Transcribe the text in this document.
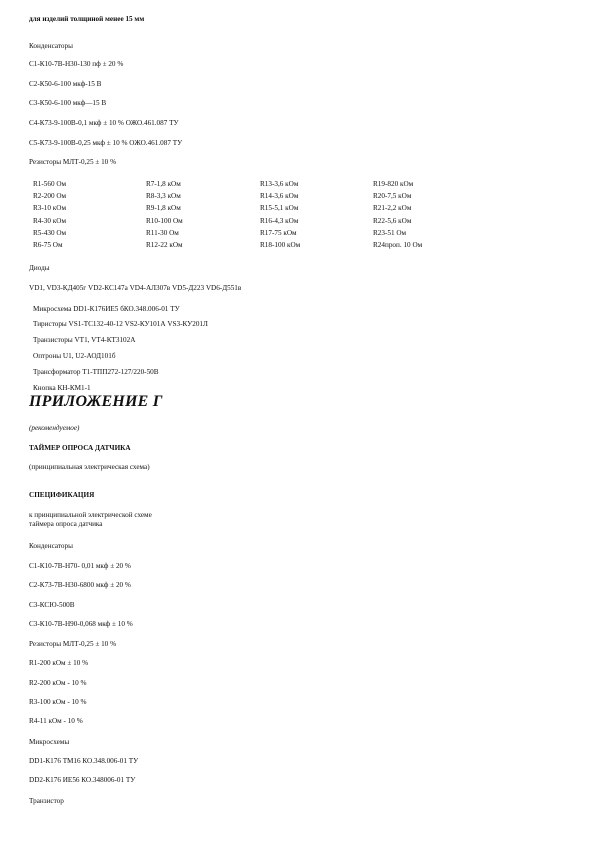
для изделий толщиной менее 15 мм
Конденсаторы
C1-К10-7В-Н30-130 пф ± 20 %
C2-К50-6-100 мкф-15 В
C3-К50-6-100 мкф—15 В
C4-К73-9-100В-0,1 мкф ± 10 % ОЖО.461.087 ТУ
C5-К73-9-100В-0,25 мкф ± 10 % ОЖО.461.087 ТУ
Резисторы МЛТ-0,25 ± 10 %
R1-560 Ом
R2-200 Ом
R3-10 кОм
R4-30 кОм
R5-430 Ом
R6-75 Ом
R7-1,8 кОм
R8-3,3 кОм
R9-1,8 кОм
R10-100 Ом
R11-30 Ом
R12-22 кОм
R13-3,6 кОм
R14-3,6 кОм
R15-5,1 кОм
R16-4,3 кОм
R17-75 кОм
R18-100 кОм
R19-820 кОм
R20-7,5 кОм
R21-2,2 кОм
R22-5,6 кОм
R23-51 Ом
R24проп. 10 Ом
Диоды
VD1, VD3-КД405г VD2-КС147а VD4-АЛ307в VD5-Д223 VD6-Д551в
Микросхема DD1-К176ИЕ5 бКО.348.006-01 ТУ
Тиристоры VS1-ТС132-40-12 VS2-КУ101А VS3-КУ201Л
Транзисторы VT1, VT4-КТ3102А
Оптроны U1, U2-АОД101б
Трансформатор Т1-ТПП272-127/220-50В
Кнопка КН-КМ1-1
ПРИЛОЖЕНИЕ Г
(рекомендуемое)
ТАЙМЕР ОПРОСА ДАТЧИКА
(принципиальная электрическая схема)
СПЕЦИФИКАЦИЯ
к принципиальной электрической схеме
таймера опроса датчика
Конденсаторы
C1-К10-7В-Н70- 0,01 мкф ± 20 %
C2-К73-7В-Н30-6800 мкф ± 20 %
C3-КСЮ-500В
C3-К10-7В-Н90-0,068 мкф ± 10 %
Резисторы МЛТ-0,25 ± 10 %
R1-200 кОм ± 10 %
R2-200 кОм - 10 %
R3-100 кОм - 10 %
R4-11 кОм - 10 %
Микросхемы
DD1-К176 ТМ16 КО.348.006-01 ТУ
DD2-К176 ИЕ56 КО.348006-01 ТУ
Транзистор
